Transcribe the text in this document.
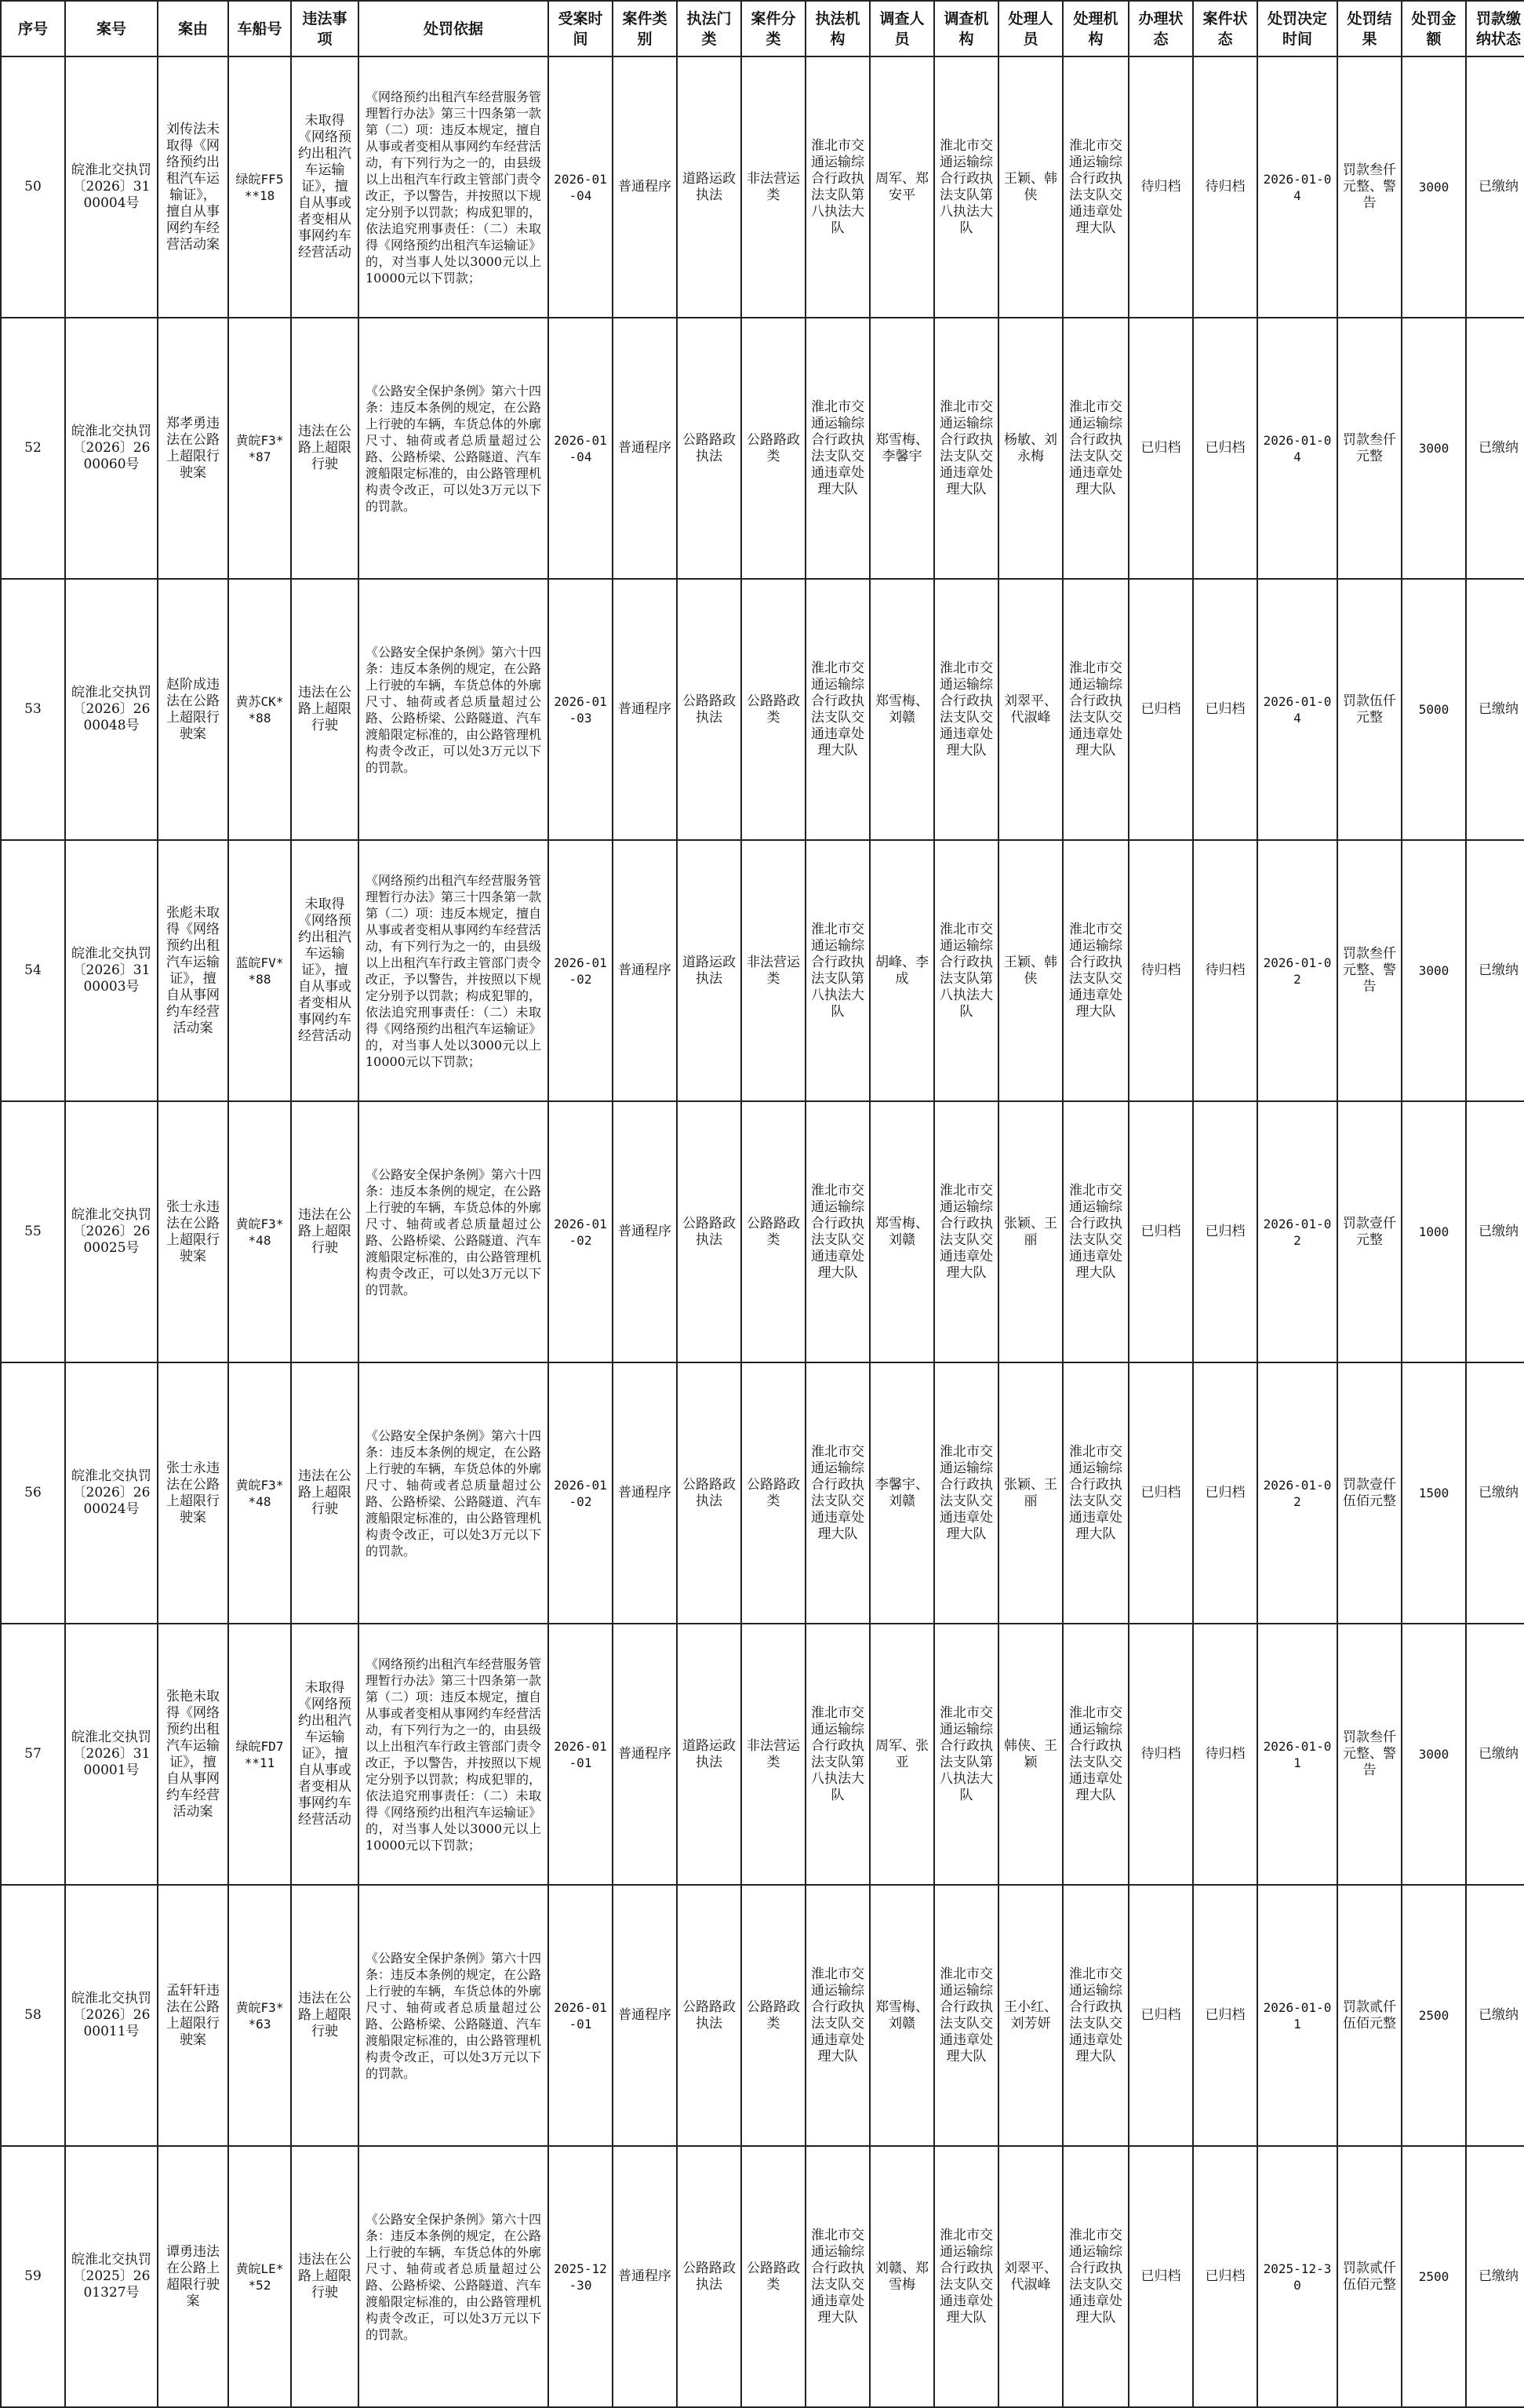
序号	案号	案由	车船号	违法事项	处罚依据	受案时间	案件类别	执法门类	案件分类	执法机构	调查人员	调查机构	处理人员	处理机构	办理状态	案件状态	处罚决定时间	处罚结果	处罚金额	罚款缴纳状态
50	皖淮北交执罚〔2026〕3100004号	刘传法未取得《网络预约出租汽车运输证》，擅自从事网约车经营活动案	绿皖FF5**18	未取得《网络预约出租汽车运输证》，擅自从事或者变相从事网约车经营活动	《网络预约出租汽车经营服务管理暂行办法》第三十四条第一款第（二）项：违反本规定，擅自从事或者变相从事网约车经营活动，有下列行为之一的，由县级以上出租汽车行政主管部门责令改正，予以警告，并按照以下规定分别予以罚款；构成犯罪的，依法追究刑事责任：（二）未取得《网络预约出租汽车运输证》的，对当事人处以3000元以上10000元以下罚款；	2026-01-04	普通程序	道路运政执法	非法营运类	淮北市交通运输综合行政执法支队第八执法大队	周军、郑安平	淮北市交通运输综合行政执法支队第八执法大队	王颖、韩侠	淮北市交通运输综合行政执法支队交通违章处理大队	待归档	待归档	2026-01-04	罚款叁仟元整、警告	3000	已缴纳
52	皖淮北交执罚〔2026〕2600060号	郑孝勇违法在公路上超限行驶案	黄皖F3**87	违法在公路上超限行驶	《公路安全保护条例》第六十四条：违反本条例的规定，在公路上行驶的车辆，车货总体的外廓尺寸、轴荷或者总质量超过公路、公路桥梁、公路隧道、汽车渡船限定标准的，由公路管理机构责令改正，可以处3万元以下的罚款。	2026-01-04	普通程序	公路路政执法	公路路政类	淮北市交通运输综合行政执法支队交通违章处理大队	郑雪梅、李馨宇	淮北市交通运输综合行政执法支队交通违章处理大队	杨敏、刘永梅	淮北市交通运输综合行政执法支队交通违章处理大队	已归档	已归档	2026-01-04	罚款叁仟元整	3000	已缴纳
53	皖淮北交执罚〔2026〕2600048号	赵阶成违法在公路上超限行驶案	黄苏CK**88	违法在公路上超限行驶	《公路安全保护条例》第六十四条：违反本条例的规定，在公路上行驶的车辆，车货总体的外廓尺寸、轴荷或者总质量超过公路、公路桥梁、公路隧道、汽车渡船限定标准的，由公路管理机构责令改正，可以处3万元以下的罚款。	2026-01-03	普通程序	公路路政执法	公路路政类	淮北市交通运输综合行政执法支队交通违章处理大队	郑雪梅、刘赣	淮北市交通运输综合行政执法支队交通违章处理大队	刘翠平、代淑峰	淮北市交通运输综合行政执法支队交通违章处理大队	已归档	已归档	2026-01-04	罚款伍仟元整	5000	已缴纳
54	皖淮北交执罚〔2026〕3100003号	张彪未取得《网络预约出租汽车运输证》，擅自从事网约车经营活动案	蓝皖FV**88	未取得《网络预约出租汽车运输证》，擅自从事或者变相从事网约车经营活动	《网络预约出租汽车经营服务管理暂行办法》第三十四条第一款第（二）项：违反本规定，擅自从事或者变相从事网约车经营活动，有下列行为之一的，由县级以上出租汽车行政主管部门责令改正，予以警告，并按照以下规定分别予以罚款；构成犯罪的，依法追究刑事责任：（二）未取得《网络预约出租汽车运输证》的，对当事人处以3000元以上10000元以下罚款；	2026-01-02	普通程序	道路运政执法	非法营运类	淮北市交通运输综合行政执法支队第八执法大队	胡峰、李成	淮北市交通运输综合行政执法支队第八执法大队	王颖、韩侠	淮北市交通运输综合行政执法支队交通违章处理大队	待归档	待归档	2026-01-02	罚款叁仟元整、警告	3000	已缴纳
55	皖淮北交执罚〔2026〕2600025号	张士永违法在公路上超限行驶案	黄皖F3**48	违法在公路上超限行驶	《公路安全保护条例》第六十四条：违反本条例的规定，在公路上行驶的车辆，车货总体的外廓尺寸、轴荷或者总质量超过公路、公路桥梁、公路隧道、汽车渡船限定标准的，由公路管理机构责令改正，可以处3万元以下的罚款。	2026-01-02	普通程序	公路路政执法	公路路政类	淮北市交通运输综合行政执法支队交通违章处理大队	郑雪梅、刘赣	淮北市交通运输综合行政执法支队交通违章处理大队	张颖、王丽	淮北市交通运输综合行政执法支队交通违章处理大队	已归档	已归档	2026-01-02	罚款壹仟元整	1000	已缴纳
56	皖淮北交执罚〔2026〕2600024号	张士永违法在公路上超限行驶案	黄皖F3**48	违法在公路上超限行驶	《公路安全保护条例》第六十四条：违反本条例的规定，在公路上行驶的车辆，车货总体的外廓尺寸、轴荷或者总质量超过公路、公路桥梁、公路隧道、汽车渡船限定标准的，由公路管理机构责令改正，可以处3万元以下的罚款。	2026-01-02	普通程序	公路路政执法	公路路政类	淮北市交通运输综合行政执法支队交通违章处理大队	李馨宇、刘赣	淮北市交通运输综合行政执法支队交通违章处理大队	张颖、王丽	淮北市交通运输综合行政执法支队交通违章处理大队	已归档	已归档	2026-01-02	罚款壹仟伍佰元整	1500	已缴纳
57	皖淮北交执罚〔2026〕3100001号	张艳未取得《网络预约出租汽车运输证》，擅自从事网约车经营活动案	绿皖FD7**11	未取得《网络预约出租汽车运输证》，擅自从事或者变相从事网约车经营活动	《网络预约出租汽车经营服务管理暂行办法》第三十四条第一款第（二）项：违反本规定，擅自从事或者变相从事网约车经营活动，有下列行为之一的，由县级以上出租汽车行政主管部门责令改正，予以警告，并按照以下规定分别予以罚款；构成犯罪的，依法追究刑事责任：（二）未取得《网络预约出租汽车运输证》的，对当事人处以3000元以上10000元以下罚款；	2026-01-01	普通程序	道路运政执法	非法营运类	淮北市交通运输综合行政执法支队第八执法大队	周军、张亚	淮北市交通运输综合行政执法支队第八执法大队	韩侠、王颖	淮北市交通运输综合行政执法支队交通违章处理大队	待归档	待归档	2026-01-01	罚款叁仟元整、警告	3000	已缴纳
58	皖淮北交执罚〔2026〕2600011号	孟轩轩违法在公路上超限行驶案	黄皖F3**63	违法在公路上超限行驶	《公路安全保护条例》第六十四条：违反本条例的规定，在公路上行驶的车辆，车货总体的外廓尺寸、轴荷或者总质量超过公路、公路桥梁、公路隧道、汽车渡船限定标准的，由公路管理机构责令改正，可以处3万元以下的罚款。	2026-01-01	普通程序	公路路政执法	公路路政类	淮北市交通运输综合行政执法支队交通违章处理大队	郑雪梅、刘赣	淮北市交通运输综合行政执法支队交通违章处理大队	王小红、刘芳妍	淮北市交通运输综合行政执法支队交通违章处理大队	已归档	已归档	2026-01-01	罚款贰仟伍佰元整	2500	已缴纳
59	皖淮北交执罚〔2025〕2601327号	谭勇违法在公路上超限行驶案	黄皖LE**52	违法在公路上超限行驶	《公路安全保护条例》第六十四条：违反本条例的规定，在公路上行驶的车辆，车货总体的外廓尺寸、轴荷或者总质量超过公路、公路桥梁、公路隧道、汽车渡船限定标准的，由公路管理机构责令改正，可以处3万元以下的罚款。	2025-12-30	普通程序	公路路政执法	公路路政类	淮北市交通运输综合行政执法支队交通违章处理大队	刘赣、郑雪梅	淮北市交通运输综合行政执法支队交通违章处理大队	刘翠平、代淑峰	淮北市交通运输综合行政执法支队交通违章处理大队	已归档	已归档	2025-12-30	罚款贰仟伍佰元整	2500	已缴纳
